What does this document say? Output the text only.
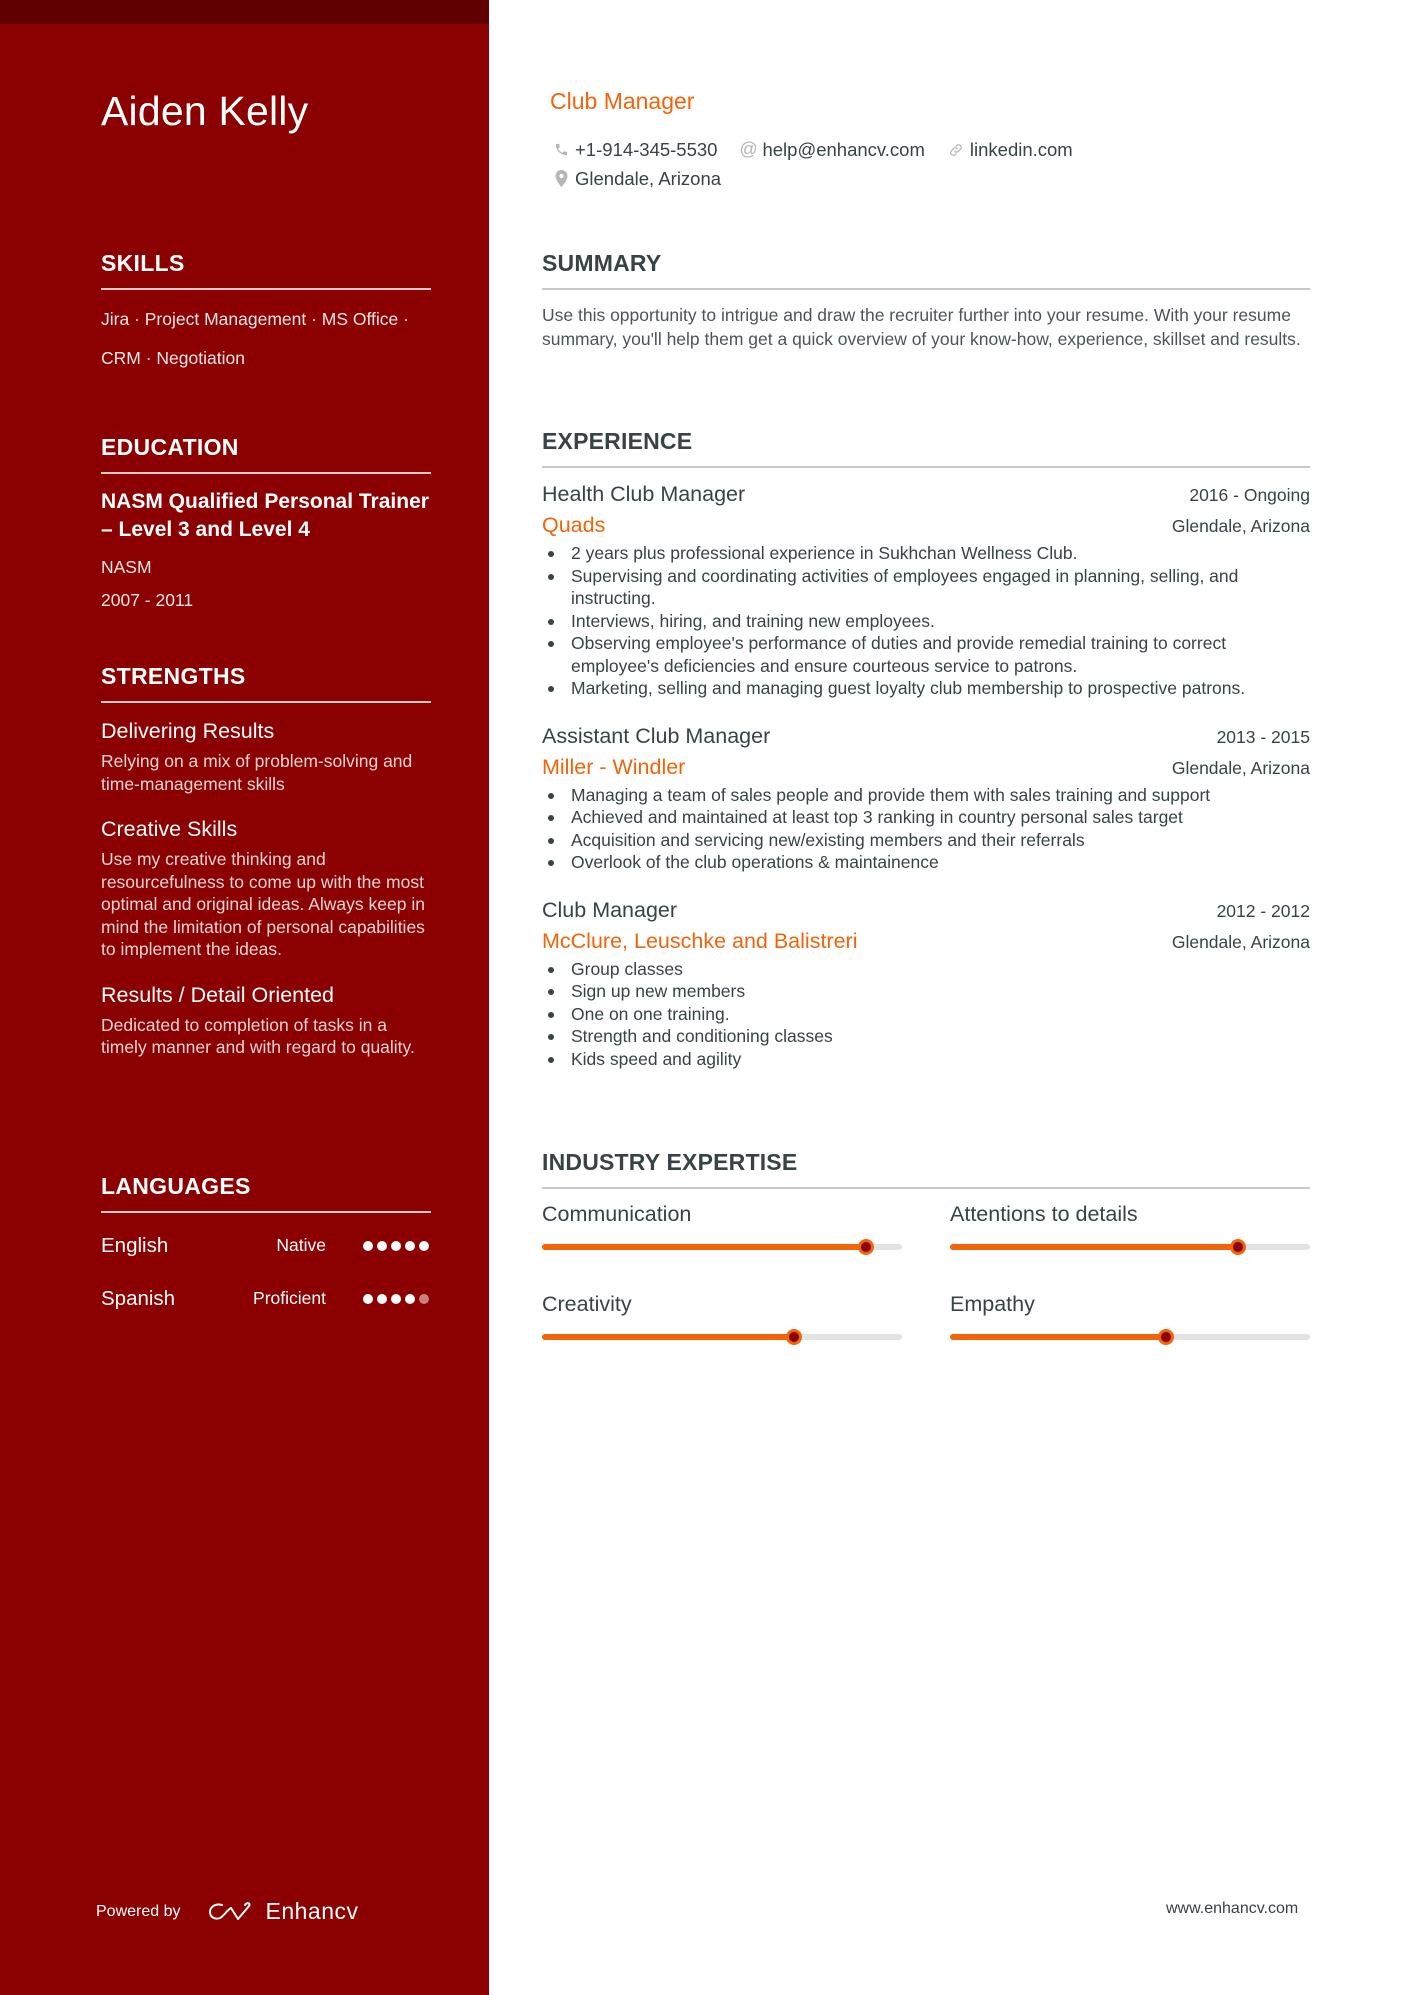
Aiden Kelly
SKILLS
Jira · Project Management · MS Office ·
CRM · Negotiation
EDUCATION
NASM Qualified Personal Trainer – Level 3 and Level 4
NASM
2007 - 2011
STRENGTHS
Delivering Results
Relying on a mix of problem-solving and time-management skills
Creative Skills
Use my creative thinking and resourcefulness to come up with the most optimal and original ideas. Always keep in mind the limitation of personal capabilities to implement the ideas.
Results / Detail Oriented
Dedicated to completion of tasks in a timely manner and with regard to quality.
LANGUAGES
English	Native
Spanish	Proficient
Powered by	Enhancv
Club Manager
+1-914-345-5530 @ help@enhancv.com linkedin.com
Glendale, Arizona
SUMMARY

Use this opportunity to intrigue and draw the recruiter further into your resume. With your resume summary, you'll help them get a quick overview of your know-how, experience, skillset and results.

EXPERIENCE
Health Club Manager	2016 - Ongoing
Quads	Glendale, Arizona
2 years plus professional experience in Sukhchan Wellness Club.
Supervising and coordinating activities of employees engaged in planning, selling, and instructing.
Interviews, hiring, and training new employees.
Observing employee's performance of duties and provide remedial training to correct employee's deficiencies and ensure courteous service to patrons.
Marketing, selling and managing guest loyalty club membership to prospective patrons.
Assistant Club Manager	2013 - 2015
Miller - Windler	Glendale, Arizona
Managing a team of sales people and provide them with sales training and support
Achieved and maintained at least top 3 ranking in country personal sales target
Acquisition and servicing new/existing members and their referrals
Overlook of the club operations & maintainence
Club Manager	2012 - 2012
McClure, Leuschke and Balistreri	Glendale, Arizona
Group classes
Sign up new members
One on one training.
Strength and conditioning classes
Kids speed and agility
INDUSTRY EXPERTISE
Communication	Attentions to details
Creativity	Empathy
www.enhancv.com
